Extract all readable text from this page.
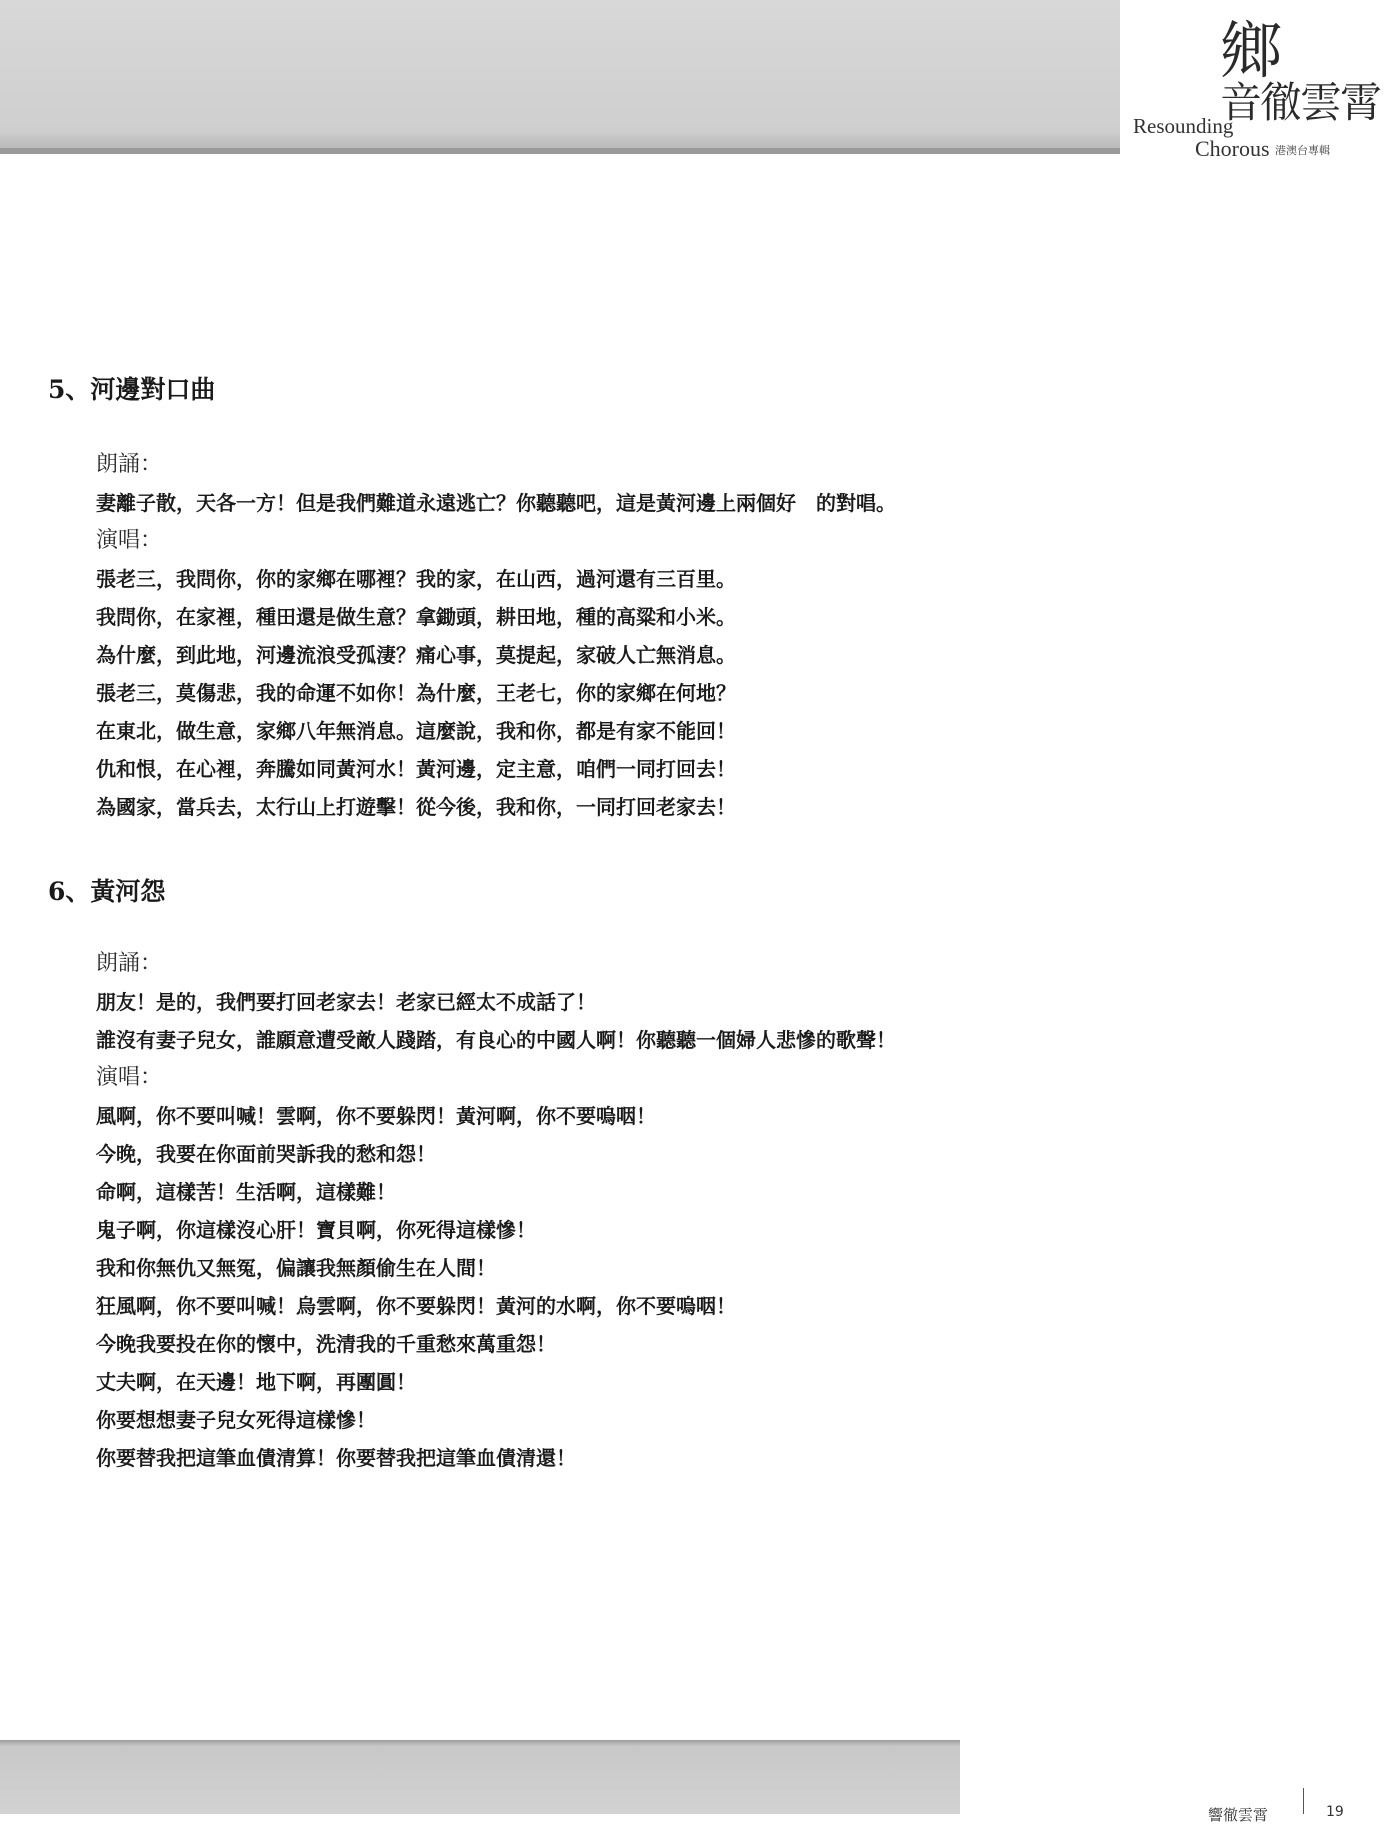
鄉
音徹雲霄
Resounding
Chorous 港澳台專輯
5、河邊對口曲
朗誦：
妻離子散，天各一方！但是我們難道永遠逃亡？你聽聽吧，這是黃河邊上兩個好　的對唱。
演唱：
張老三，我問你，你的家鄉在哪裡？我的家，在山西，過河還有三百里。
我問你，在家裡，種田還是做生意？拿鋤頭，耕田地，種的高粱和小米。
為什麼，到此地，河邊流浪受孤淒？痛心事，莫提起，家破人亡無消息。
張老三，莫傷悲，我的命運不如你！為什麼，王老七，你的家鄉在何地？
在東北，做生意，家鄉八年無消息。這麼說，我和你，都是有家不能回！
仇和恨，在心裡，奔騰如同黃河水！黃河邊，定主意，咱們一同打回去！
為國家，當兵去，太行山上打遊擊！從今後，我和你，一同打回老家去！
6、黃河怨
朗誦：
朋友！是的，我們要打回老家去！老家已經太不成話了！
誰沒有妻子兒女，誰願意遭受敵人踐踏，有良心的中國人啊！你聽聽一個婦人悲慘的歌聲！
演唱：
風啊，你不要叫喊！雲啊，你不要躲閃！黃河啊，你不要嗚咽！
今晚，我要在你面前哭訴我的愁和怨！
命啊，這樣苦！生活啊，這樣難！
鬼子啊，你這樣沒心肝！寶貝啊，你死得這樣慘！
我和你無仇又無冤，偏讓我無顏偷生在人間！
狂風啊，你不要叫喊！烏雲啊，你不要躲閃！黃河的水啊，你不要嗚咽！
今晚我要投在你的懷中，洗清我的千重愁來萬重怨！
丈夫啊，在天邊！地下啊，再團圓！
你要想想妻子兒女死得這樣慘！
你要替我把這筆血債清算！你要替我把這筆血債清還！
響徹雲霄	19
